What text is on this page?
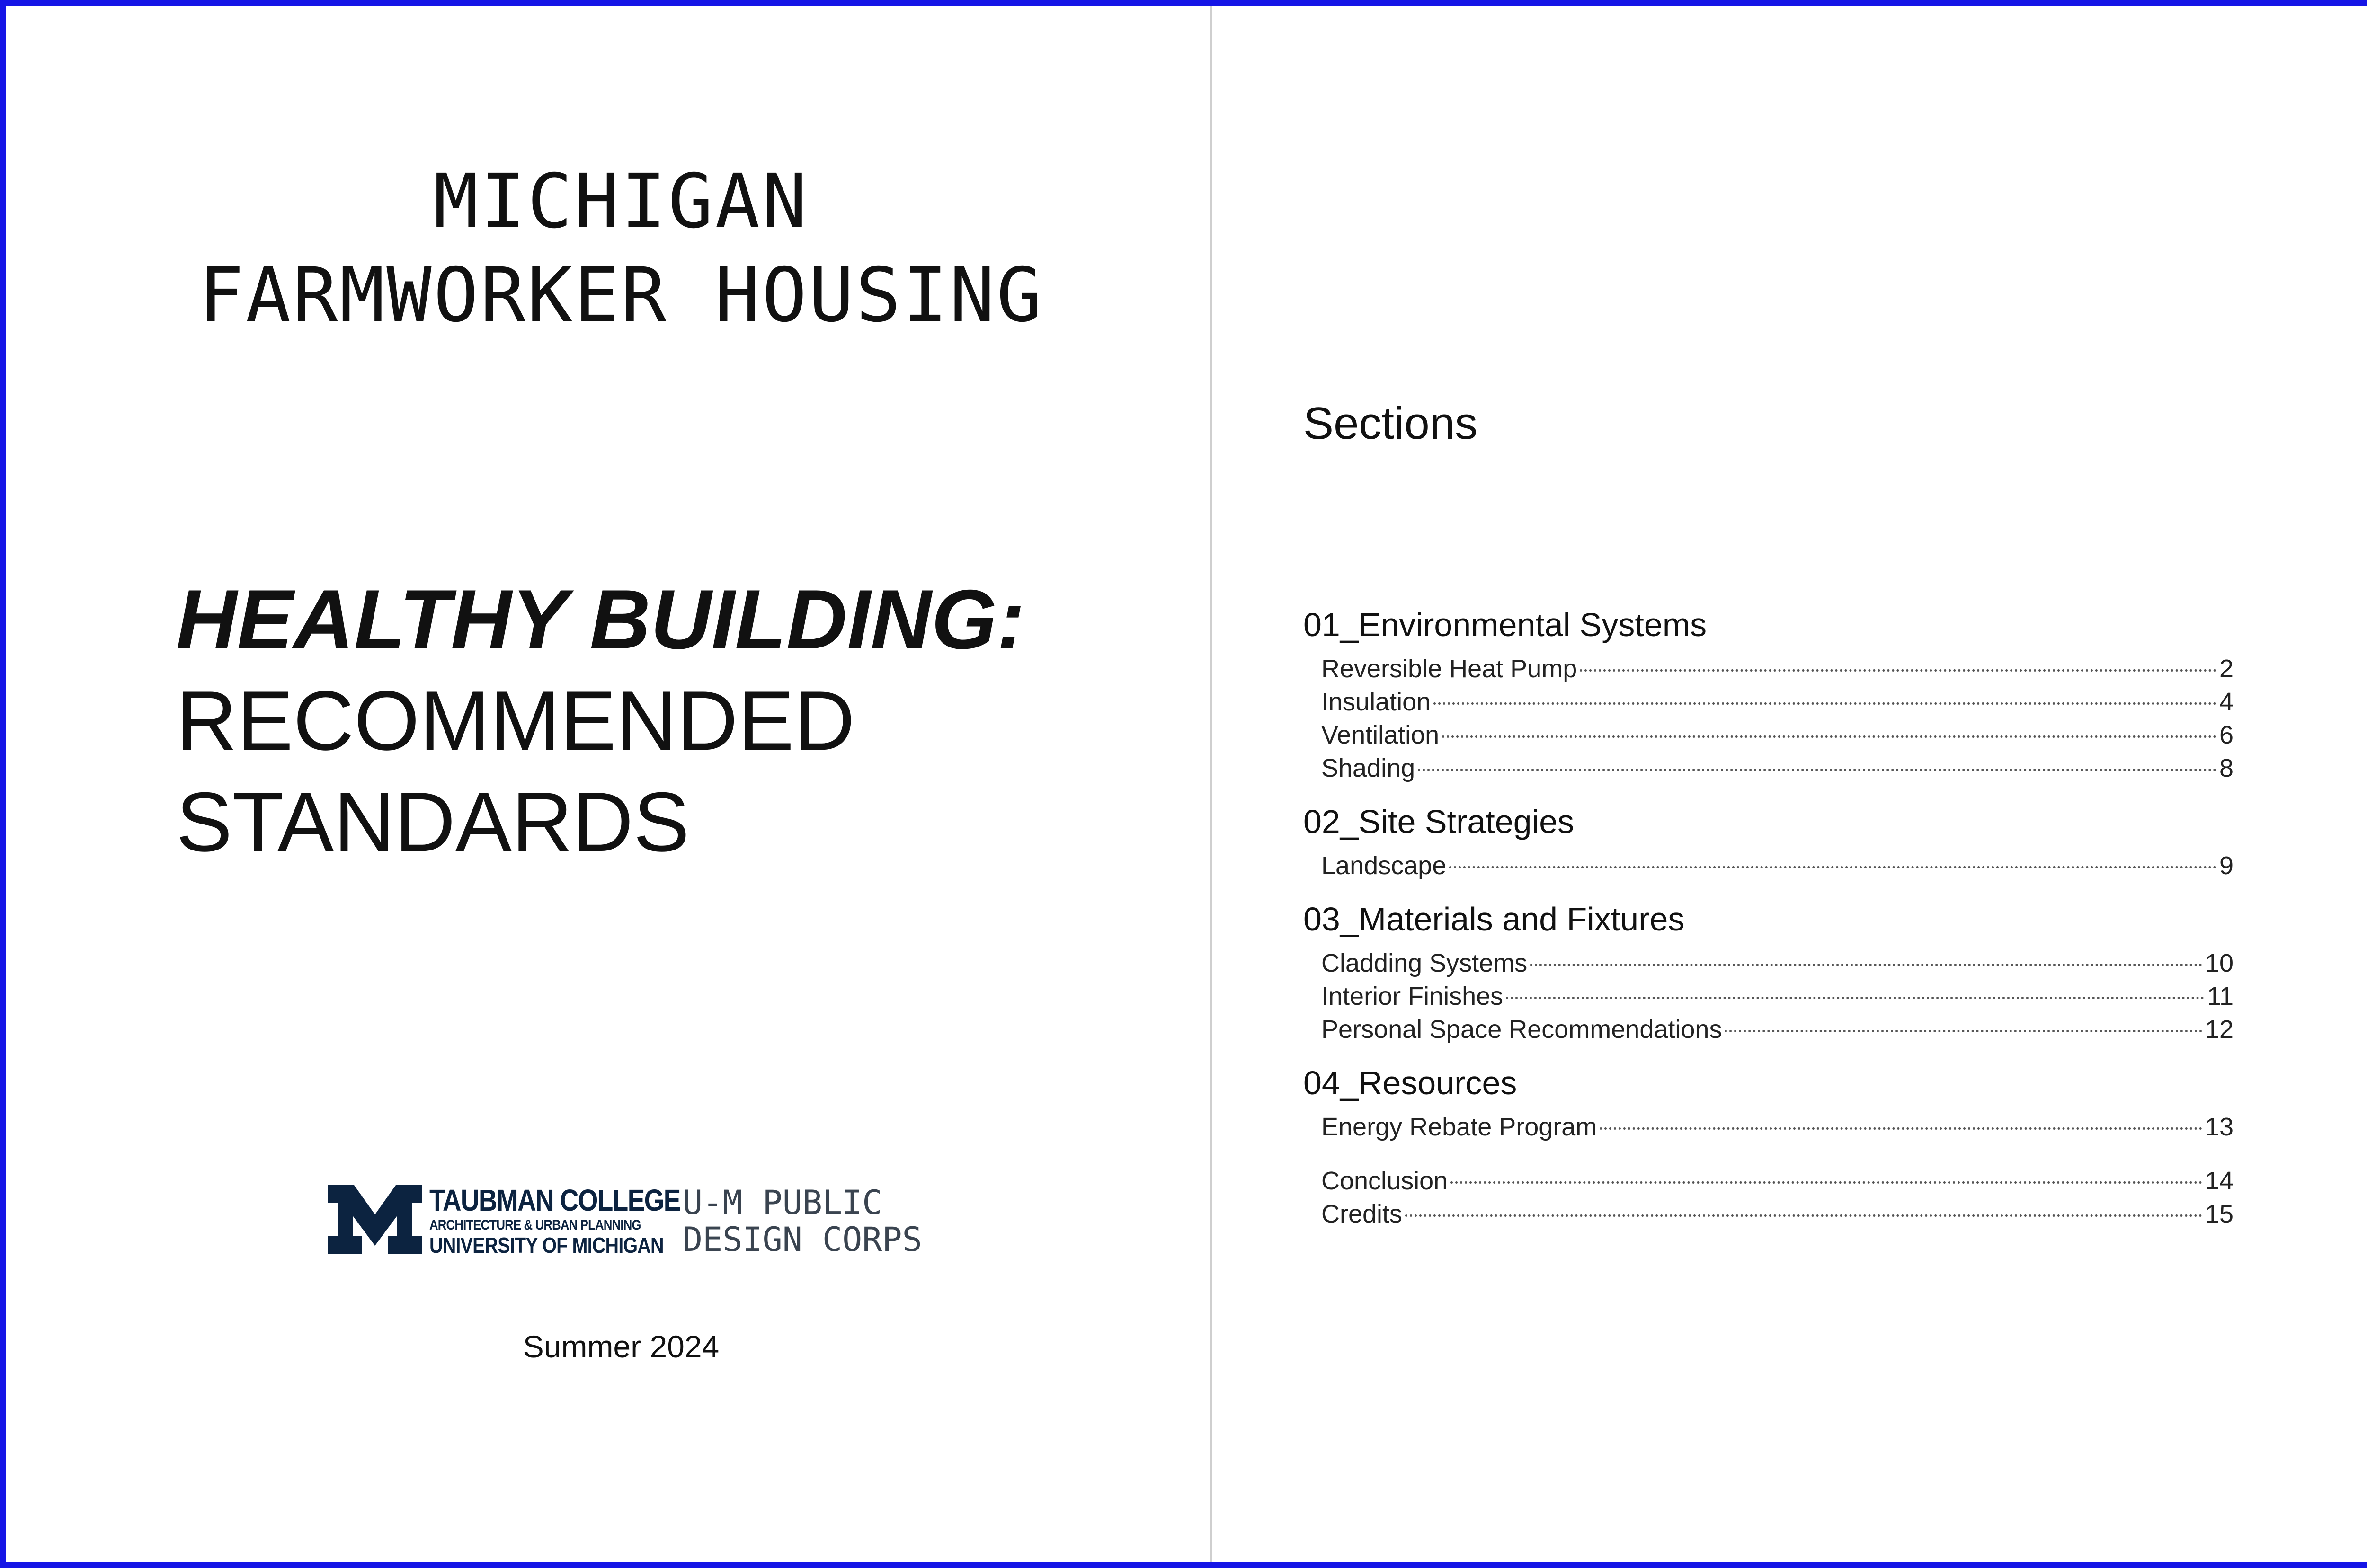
MICHIGAN
FARMWORKER HOUSING
HEALTHY BUILDING:
RECOMMENDED
STANDARDS
TAUBMAN COLLEGE
ARCHITECTURE & URBAN PLANNING
UNIVERSITY OF MICHIGAN
U-M PUBLIC
DESIGN CORPS
Summer 2024
Sections
01_Environmental Systems
Reversible Heat Pump	2
Insulation	4
Ventilation	6
Shading	8
02_Site Strategies
Landscape	9
03_Materials and Fixtures
Cladding Systems	10
Interior Finishes	11
Personal Space Recommendations	12
04_Resources
Energy Rebate Program	13
Conclusion	14
Credits	15
